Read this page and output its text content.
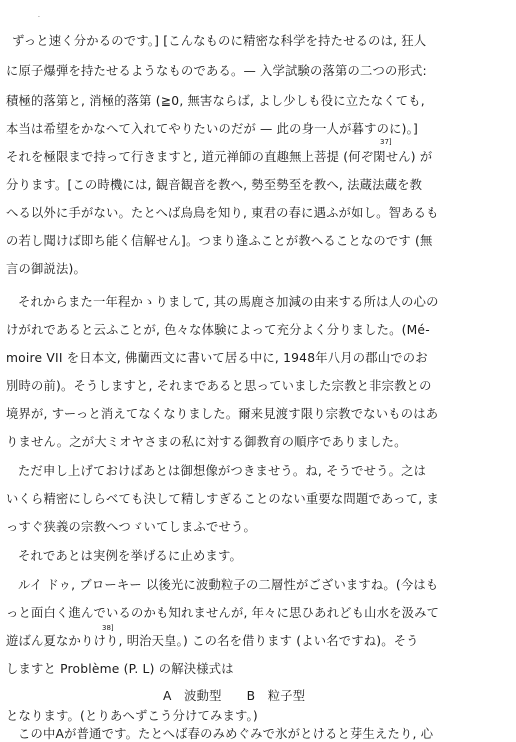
·
ずっと速く分かるのです。] [こんなものに精密な科学を持たせるのは, 狂人
に原子爆弾を持たせるようなものである。— 入学試験の落第の二つの形式:
積極的落第と, 消極的落第 (≧0, 無害ならば, よし少しも役に立たなくても,
本当は希望をかなへて入れてやりたいのだが — 此の身一人が暮すのに)。]
37]
それを極限まで持って行きますと, 道元禅師の直趣無上菩提 (何ぞ閑せん) が
分ります。[この時機には, 観音観音を教へ, 勢至勢至を教へ, 法蔵法蔵を教
へる以外に手がない。たとへば烏鳥を知り, 東君の春に遇ふが如し。智あるも
の若し聞けば即ち能く信解せん]。つまり逢ふことが教へることなのです (無
言の御説法)。
それからまた一年程かゝりまして, 其の馬鹿さ加減の由来する所は人の心の
けがれであると云ふことが, 色々な体験によって充分よく分りました。(Mé-
moire VII を日本文, 佛蘭西文に書いて居る中に, 1948年八月の郡山でのお
別時の前)。そうしますと, それまであると思っていました宗教と非宗教との
境界が, すーっと消えてなくなりました。爾来見渡す限り宗教でないものはあ
りません。之が大ミオヤさまの私に対する御教育の順序でありました。
ただ申し上げておけばあとは御想像がつきませう。ね, そうでせう。之は
いくら精密にしらべても決して精しすぎることのない重要な問題であって, ま
っすぐ狭義の宗教へつゞいてしまふでせう。
それであとは実例を挙げるに止めます。
ルイ ドゥ, ブローキー 以後光に波動粒子の二層性がございますね。(今はも
っと面白く進んでいるのかも知れませんが, 年々に思ひあれども山水を汲みて
38]
遊ばん夏なかりけり, 明治天皇。) この名を借ります (よい名ですね)。そう
しますと Problème (P. L) の解決様式は
A　波動型　　B　粒子型
となります。(とりあへずこう分けてみます。)
この中Aが普通です。たとへば春のみめぐみで氷がとけると芽生えたり, 心
